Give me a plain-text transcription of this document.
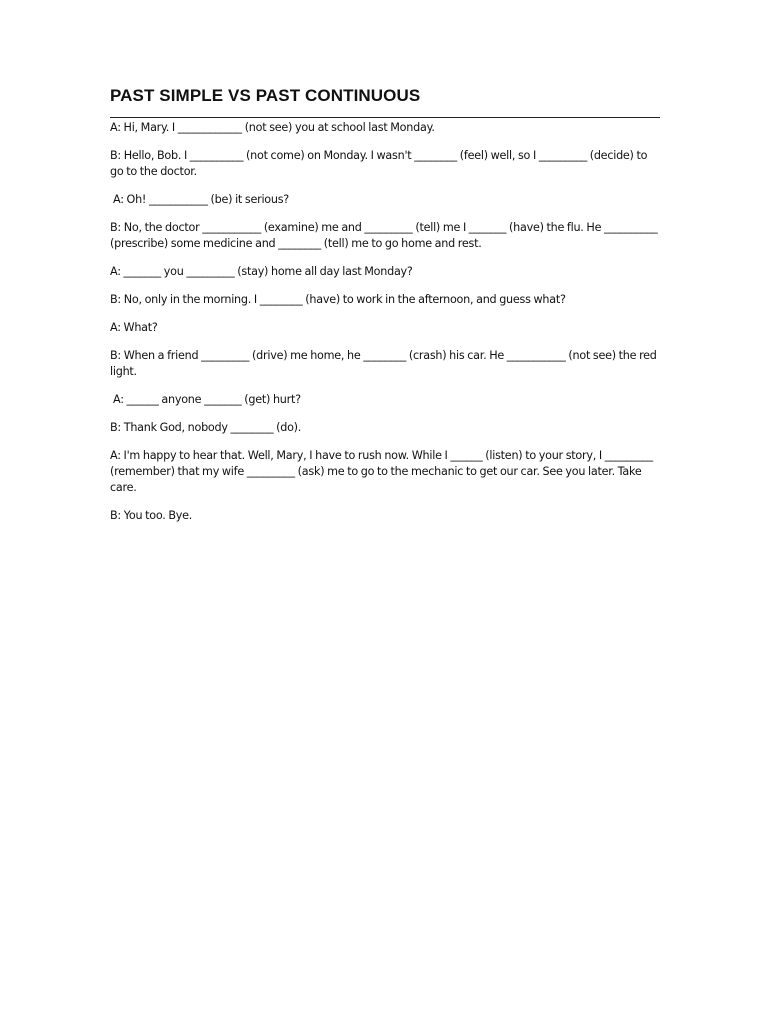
PAST SIMPLE VS PAST CONTINUOUS

A: Hi, Mary. I ____________ (not see) you at school last Monday.

B: Hello, Bob. I __________ (not come) on Monday. I wasn't ________ (feel) well, so I _________ (decide) to go to the doctor.

A: Oh! ___________ (be) it serious?

B: No, the doctor ___________ (examine) me and _________ (tell) me I _______ (have) the flu. He __________ (prescribe) some medicine and ________ (tell) me to go home and rest.

A: _______ you _________ (stay) home all day last Monday?

B: No, only in the morning. I ________ (have) to work in the afternoon, and guess what?

A: What?

B: When a friend _________ (drive) me home, he ________ (crash) his car. He ___________ (not see) the red light.

A: ______ anyone _______ (get) hurt?

B: Thank God, nobody ________ (do).

A: I'm happy to hear that. Well, Mary, I have to rush now. While I ______ (listen) to your story, I _________ (remember) that my wife _________ (ask) me to go to the mechanic to get our car. See you later. Take care.

B: You too. Bye.
